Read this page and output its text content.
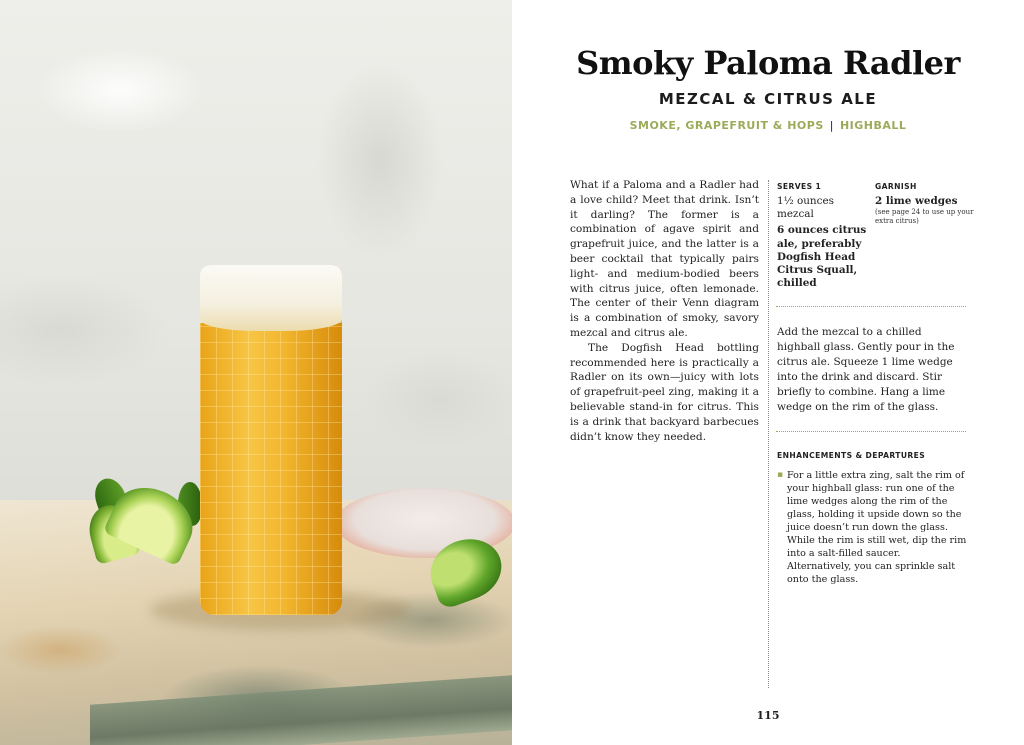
Smoky Paloma Radler
MEZCAL & CITRUS ALE
SMOKE, GRAPEFRUIT & HOPS | HIGHBALL

What if a Paloma and a Radler had a love child? Meet that drink. Isn’t it darling? The former is a combination of agave spirit and grapefruit juice, and the latter is a beer cocktail that typically pairs light- and medium-bodied beers with citrus juice, often lemonade. The center of their Venn diagram is a combination of smoky, savory mezcal and citrus ale.

The Dogfish Head bottling recommended here is practically a Radler on its own—juicy with lots of grapefruit-peel zing, making it a believable stand-in for citrus. This is a drink that backyard barbecues didn’t know they needed.

SERVES 1
1½ ounces mezcal
6 ounces citrus ale, preferably Dogfish Head Citrus Squall, chilled
GARNISH
2 lime wedges
(see page 24 to use up your extra citrus)

Add the mezcal to a chilled highball glass. Gently pour in the citrus ale. Squeeze 1 lime wedge into the drink and discard. Stir briefly to combine. Hang a lime wedge on the rim of the glass.

ENHANCEMENTS & DEPARTURES
▪ For a little extra zing, salt the rim of your highball glass: run one of the lime wedges along the rim of the glass, holding it upside down so the juice doesn’t run down the glass. While the rim is still wet, dip the rim into a salt-filled saucer. Alternatively, you can sprinkle salt onto the glass.
115
